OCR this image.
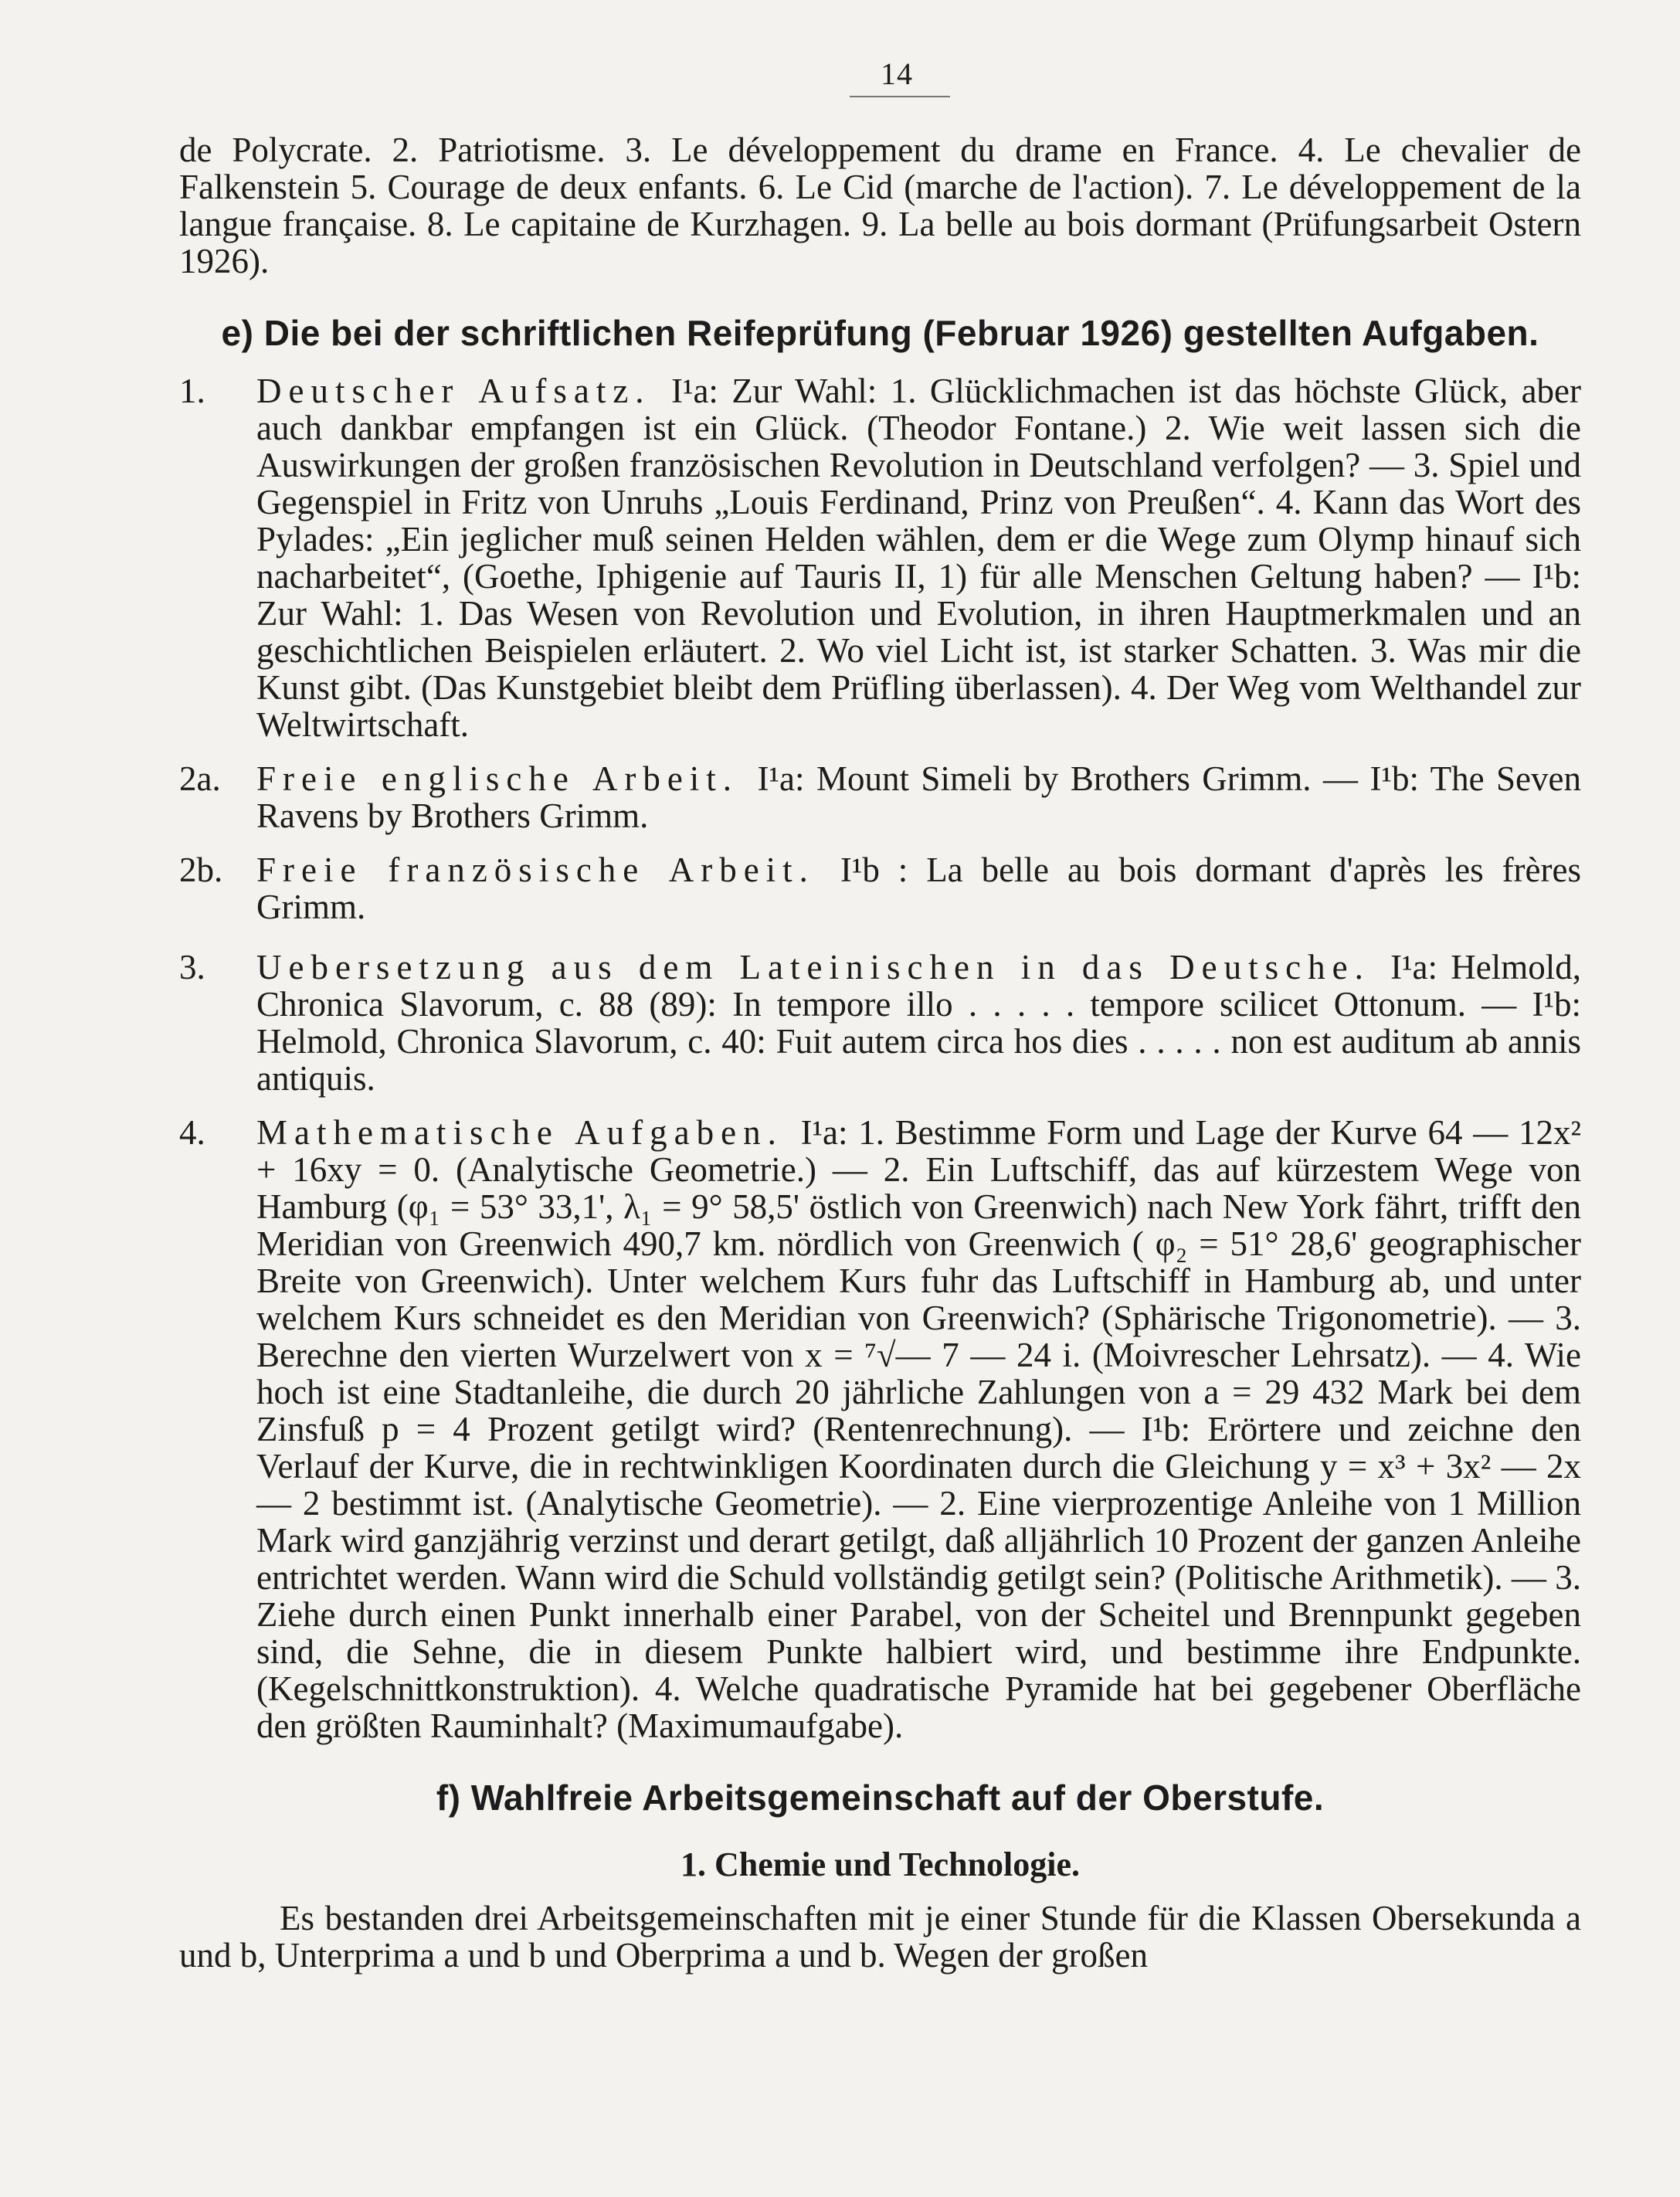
14

de Polycrate. 2. Patriotisme. 3. Le développement du drame en France. 4. Le chevalier de Falkenstein 5. Courage de deux enfants. 6. Le Cid (marche de l'action). 7. Le développement de la langue française. 8. Le capitaine de Kurzhagen. 9. La belle au bois dormant (Prüfungsarbeit Ostern 1926).

e) Die bei der schriftlichen Reifeprüfung (Februar 1926) gestellten Aufgaben.
1. Deutscher Aufsatz. I¹a: Zur Wahl: 1. Glücklichmachen ist das höchste Glück, aber auch dankbar empfangen ist ein Glück. (Theodor Fontane.) 2. Wie weit lassen sich die Auswirkungen der großen französischen Revolution in Deutschland verfolgen? — 3. Spiel und Gegenspiel in Fritz von Unruhs „Louis Ferdinand, Prinz von Preußen“. 4. Kann das Wort des Pylades: „Ein jeglicher muß seinen Helden wählen, dem er die Wege zum Olymp hinauf sich nacharbeitet“, (Goethe, Iphigenie auf Tauris II, 1) für alle Menschen Geltung haben? — I¹b: Zur Wahl: 1. Das Wesen von Revolution und Evolution, in ihren Hauptmerkmalen und an geschichtlichen Beispielen erläutert. 2. Wo viel Licht ist, ist starker Schatten. 3. Was mir die Kunst gibt. (Das Kunstgebiet bleibt dem Prüfling überlassen). 4. Der Weg vom Welthandel zur Weltwirtschaft.
2a. Freie englische Arbeit. I¹a: Mount Simeli by Brothers Grimm. — I¹b: The Seven Ravens by Brothers Grimm.
2b. Freie französische Arbeit. I¹b : La belle au bois dormant d'après les frères Grimm.
3. Uebersetzung aus dem Lateinischen in das Deutsche. I¹a: Helmold, Chronica Slavorum, c. 88 (89): In tempore illo . . . . . tempore scilicet Ottonum. — I¹b: Helmold, Chronica Slavorum, c. 40: Fuit autem circa hos dies . . . . . non est auditum ab annis antiquis.
4. Mathematische Aufgaben. I¹a: 1. Bestimme Form und Lage der Kurve 64 — 12x² + 16xy = 0. (Analytische Geometrie.) — 2. Ein Luftschiff, das auf kürzestem Wege von Hamburg (φ₁ = 53° 33,1', λ₁ = 9° 58,5' östlich von Greenwich) nach New York fährt, trifft den Meridian von Greenwich 490,7 km. nördlich von Greenwich ( φ₂ = 51° 28,6' geographischer Breite von Greenwich). Unter welchem Kurs fuhr das Luftschiff in Hamburg ab, und unter welchem Kurs schneidet es den Meridian von Greenwich? (Sphärische Trigonometrie). — 3. Berechne den vierten Wurzelwert von x = ⁷√— 7 — 24 i. (Moivrescher Lehrsatz). — 4. Wie hoch ist eine Stadtanleihe, die durch 20 jährliche Zahlungen von a = 29 432 Mark bei dem Zinsfuß p = 4 Prozent getilgt wird? (Rentenrechnung). — I¹b: Erörtere und zeichne den Verlauf der Kurve, die in rechtwinkligen Koordinaten durch die Gleichung y = x³ + 3x² — 2x — 2 bestimmt ist. (Analytische Geometrie). — 2. Eine vierprozentige Anleihe von 1 Million Mark wird ganzjährig verzinst und derart getilgt, daß alljährlich 10 Prozent der ganzen Anleihe entrichtet werden. Wann wird die Schuld vollständig getilgt sein? (Politische Arithmetik). — 3. Ziehe durch einen Punkt innerhalb einer Parabel, von der Scheitel und Brennpunkt gegeben sind, die Sehne, die in diesem Punkte halbiert wird, und bestimme ihre Endpunkte. (Kegelschnittkonstruktion). 4. Welche quadratische Pyramide hat bei gegebener Oberfläche den größten Rauminhalt? (Maximumaufgabe).
f) Wahlfreie Arbeitsgemeinschaft auf der Oberstufe.
1. Chemie und Technologie.

Es bestanden drei Arbeitsgemeinschaften mit je einer Stunde für die Klassen Obersekunda a und b, Unterprima a und b und Oberprima a und b. Wegen der großen
